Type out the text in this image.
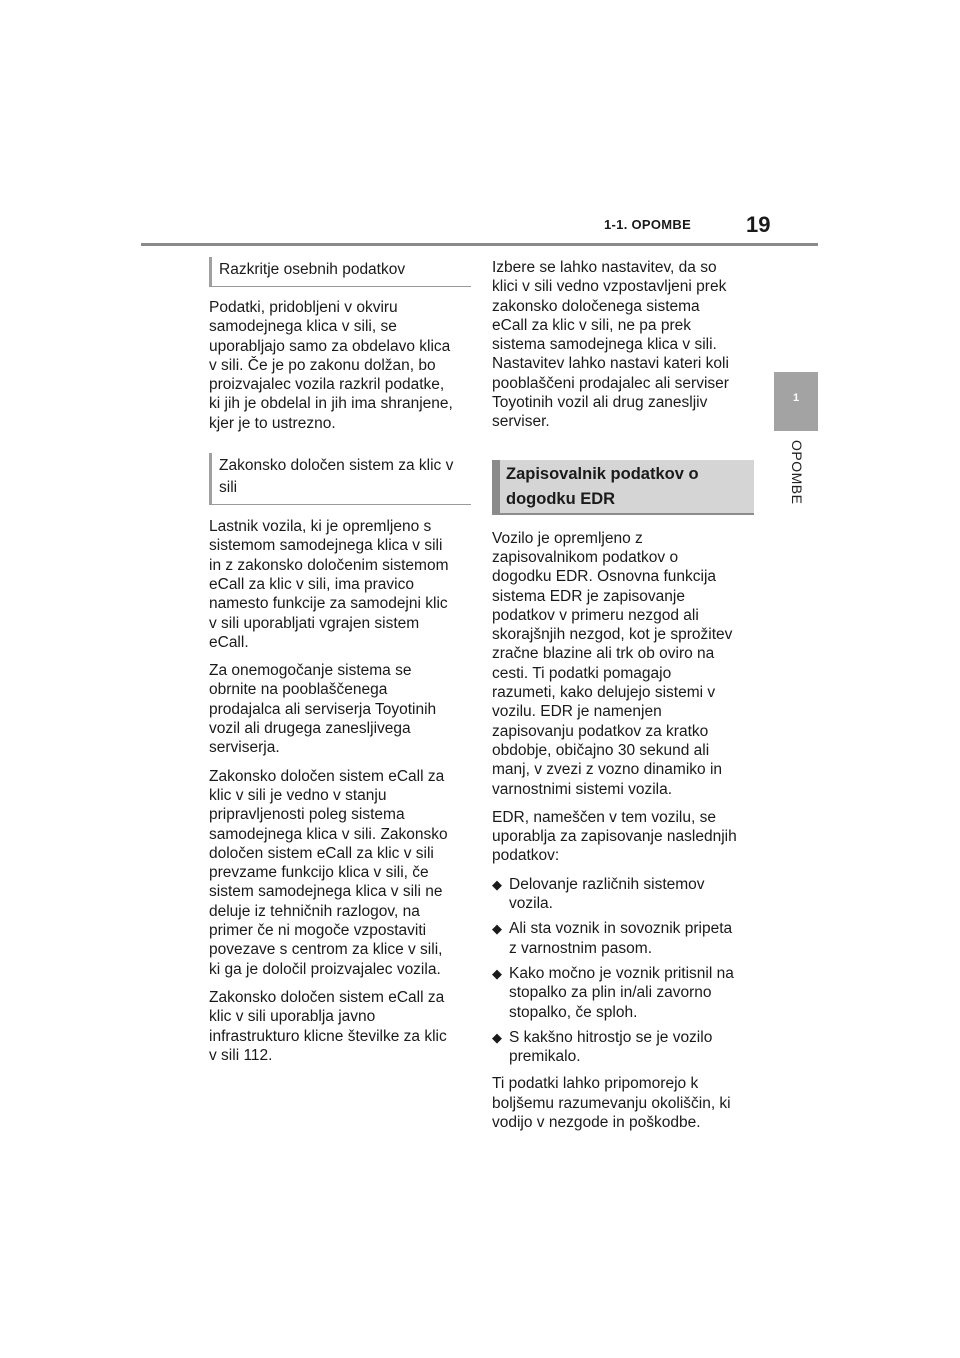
1-1. OPOMBE 19
1
OPOMBE
Razkritje osebnih podatkov

Podatki, pridobljeni v okviru
samodejnega klica v sili, se
uporabljajo samo za obdelavo klica
v sili. Če je po zakonu dolžan, bo
proizvajalec vozila razkril podatke,
ki jih je obdelal in jih ima shranjene,
kjer je to ustrezno.

Zakonsko določen sistem za klic v
sili

Lastnik vozila, ki je opremljeno s
sistemom samodejnega klica v sili
in z zakonsko določenim sistemom
eCall za klic v sili, ima pravico
namesto funkcije za samodejni klic
v sili uporabljati vgrajen sistem
eCall.

Za onemogočanje sistema se
obrnite na pooblaščenega
prodajalca ali serviserja Toyotinih
vozil ali drugega zanesljivega
serviserja.

Zakonsko določen sistem eCall za
klic v sili je vedno v stanju
pripravljenosti poleg sistema
samodejnega klica v sili. Zakonsko
določen sistem eCall za klic v sili
prevzame funkcijo klica v sili, če
sistem samodejnega klica v sili ne
deluje iz tehničnih razlogov, na
primer če ni mogoče vzpostaviti
povezave s centrom za klice v sili,
ki ga je določil proizvajalec vozila.

Zakonsko določen sistem eCall za
klic v sili uporablja javno
infrastrukturo klicne številke za klic
v sili 112.

Izbere se lahko nastavitev, da so
klici v sili vedno vzpostavljeni prek
zakonsko določenega sistema
eCall za klic v sili, ne pa prek
sistema samodejnega klica v sili.
Nastavitev lahko nastavi kateri koli
pooblaščeni prodajalec ali serviser
Toyotinih vozil ali drug zanesljiv
serviser.

Zapisovalnik podatkov o
dogodku EDR

Vozilo je opremljeno z
zapisovalnikom podatkov o
dogodku EDR. Osnovna funkcija
sistema EDR je zapisovanje
podatkov v primeru nezgod ali
skorajšnjih nezgod, kot je sprožitev
zračne blazine ali trk ob oviro na
cesti. Ti podatki pomagajo
razumeti, kako delujejo sistemi v
vozilu. EDR je namenjen
zapisovanju podatkov za kratko
obdobje, običajno 30 sekund ali
manj, v zvezi z vozno dinamiko in
varnostnimi sistemi vozila.

EDR, nameščen v tem vozilu, se
uporablja za zapisovanje naslednjih
podatkov:

◆ Delovanje različnih sistemov
vozila.
◆ Ali sta voznik in sovoznik pripeta
z varnostnim pasom.
◆ Kako močno je voznik pritisnil na
stopalko za plin in/ali zavorno
stopalko, če sploh.
◆ S kakšno hitrostjo se je vozilo
premikalo.

Ti podatki lahko pripomorejo k
boljšemu razumevanju okoliščin, ki
vodijo v nezgode in poškodbe.
